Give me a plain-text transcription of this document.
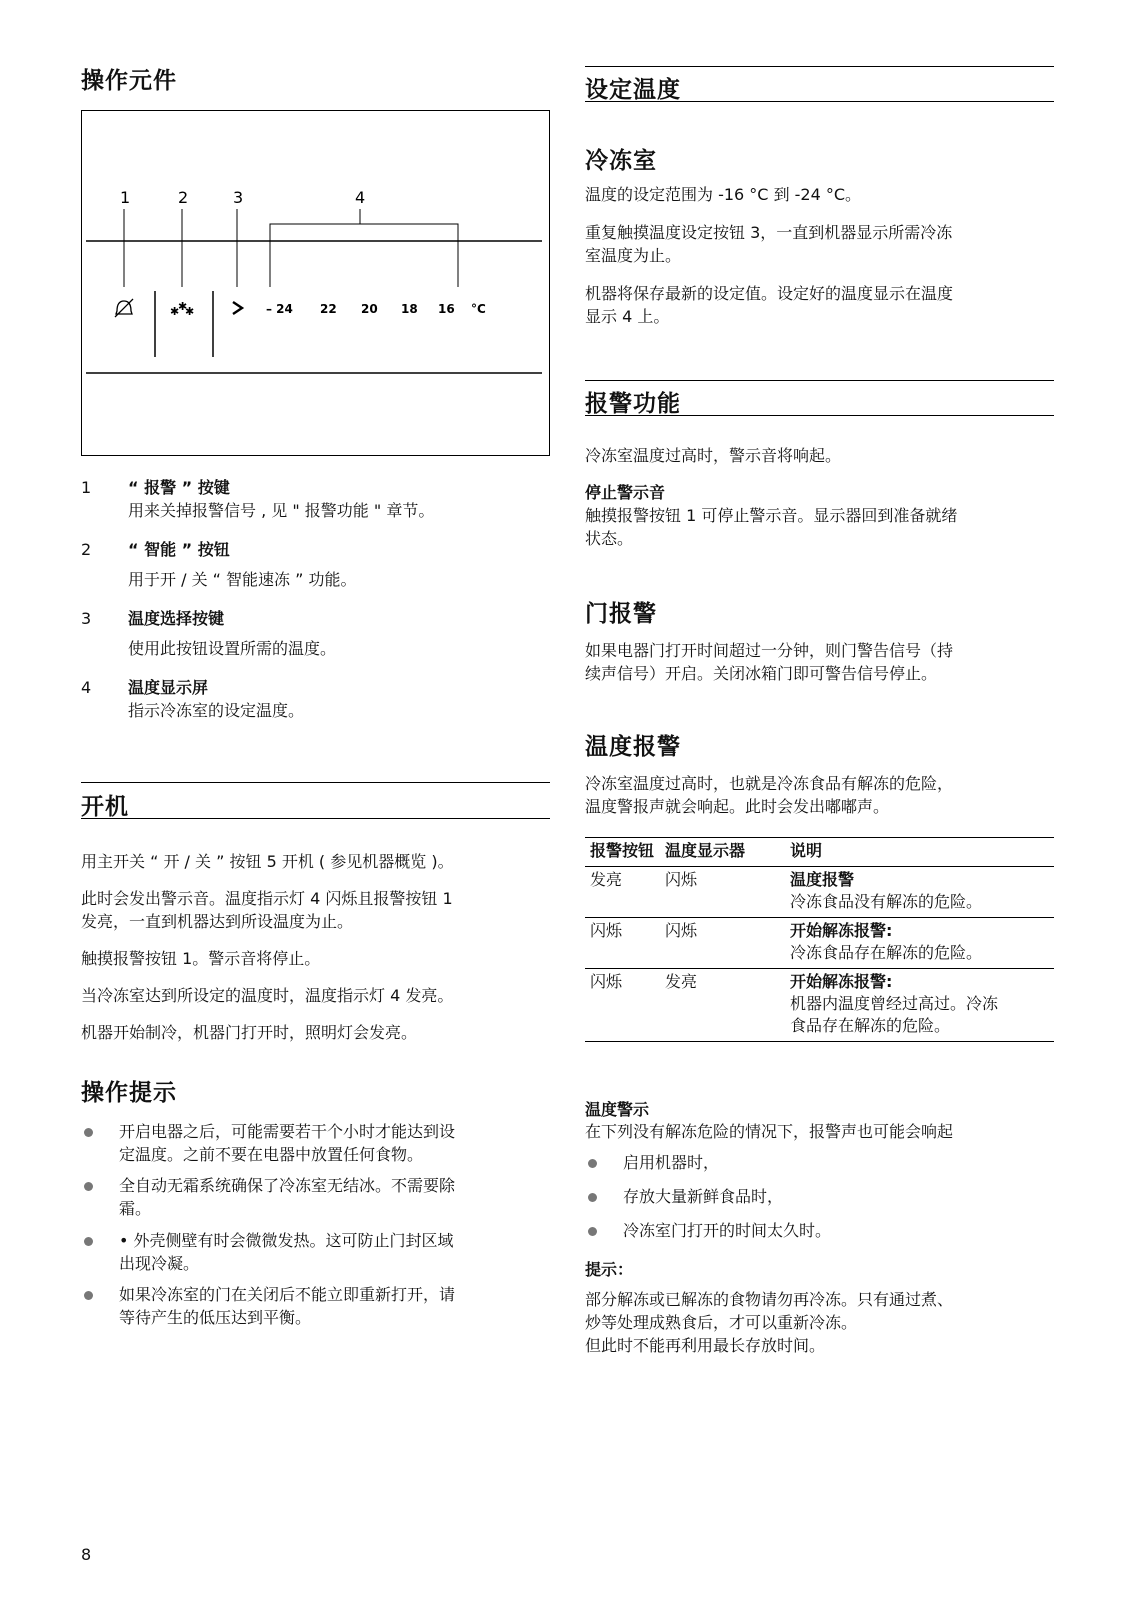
操作元件
1	2	3	4
✱
✱
✱	– 24 22 20 18 16 °C
1 “ 报警 ” 按键

用来关掉报警信号 , 见 " 报警功能 " 章节。

2 “ 智能 ” 按钮

用于开 / 关 “ 智能速冻 ” 功能。

3 温度选择按键

使用此按钮设置所需的温度。

4 温度显示屏

指示冷冻室的设定温度。

开机

用主开关 “ 开 / 关 ” 按钮 5 开机 ( 参见机器概览 )。

此时会发出警示音。温度指示灯 4 闪烁且报警按钮 1

发亮，一直到机器达到所设温度为止。

触摸报警按钮 1。警示音将停止。

当冷冻室达到所设定的温度时，温度指示灯 4 发亮。

机器开始制冷，机器门打开时，照明灯会发亮。

操作提示

开启电器之后，可能需要若干个小时才能达到设

定温度。之前不要在电器中放置任何食物。

全自动无霜系统确保了冷冻室无结冰。不需要除

霜。

• 外壳侧壁有时会微微发热。这可防止门封区域

出现冷凝。

如果冷冻室的门在关闭后不能立即重新打开，请

等待产生的低压达到平衡。

8

设定温度
冷冻室

温度的设定范围为 -16 °C 到 -24 °C。

重复触摸温度设定按钮 3，一直到机器显示所需冷冻

室温度为止。

机器将保存最新的设定值。设定好的温度显示在温度

显示 4 上。

报警功能

冷冻室温度过高时，警示音将响起。

停止警示音

触摸报警按钮 1 可停止警示音。显示器回到准备就绪

状态。

门报警

如果电器门打开时间超过一分钟，则门警告信号（持

续声信号）开启。关闭冰箱门即可警告信号停止。

温度报警

冷冻室温度过高时，也就是冷冻食品有解冻的危险，

温度警报声就会响起。此时会发出嘟嘟声。

报警按钮	温度显示器	说明
发亮	闪烁	温度报警
冷冻食品没有解冻的危险。

闪烁	闪烁	开始解冻报警:
冷冻食品存在解冻的危险。

闪烁	发亮	开始解冻报警:
机器内温度曾经过高过。冷冻
食品存在解冻的危险。

温度警示

在下列没有解冻危险的情况下，报警声也可能会响起

启用机器时，

存放大量新鲜食品时，

冷冻室门打开的时间太久时。

提示：

部分解冻或已解冻的食物请勿再冷冻。只有通过煮、

炒等处理成熟食后，才可以重新冷冻。

但此时不能再利用最长存放时间。
